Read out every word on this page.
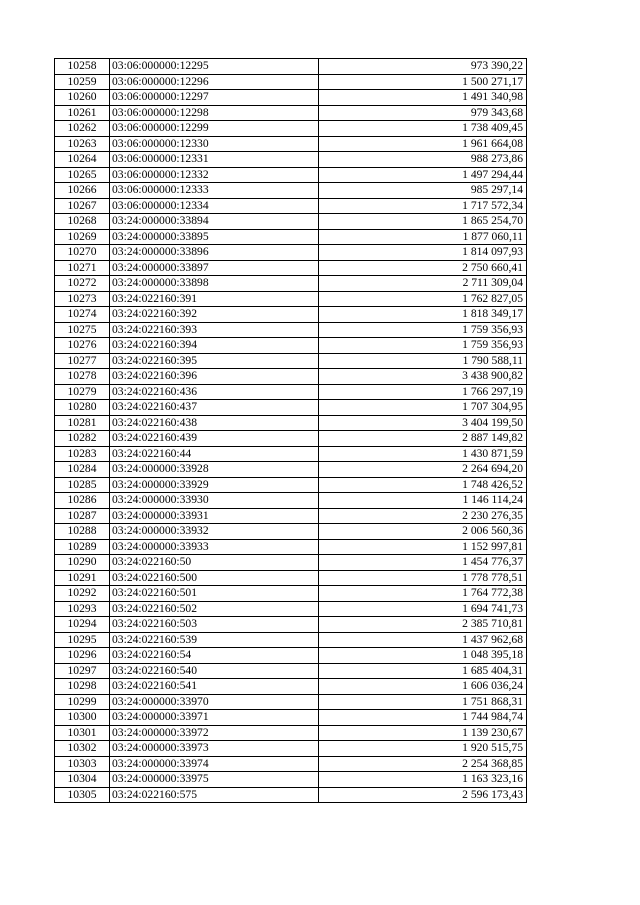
10258	03:06:000000:12295	973 390,22
10259	03:06:000000:12296	1 500 271,17
10260	03:06:000000:12297	1 491 340,98
10261	03:06:000000:12298	979 343,68
10262	03:06:000000:12299	1 738 409,45
10263	03:06:000000:12330	1 961 664,08
10264	03:06:000000:12331	988 273,86
10265	03:06:000000:12332	1 497 294,44
10266	03:06:000000:12333	985 297,14
10267	03:06:000000:12334	1 717 572,34
10268	03:24:000000:33894	1 865 254,70
10269	03:24:000000:33895	1 877 060,11
10270	03:24:000000:33896	1 814 097,93
10271	03:24:000000:33897	2 750 660,41
10272	03:24:000000:33898	2 711 309,04
10273	03:24:022160:391	1 762 827,05
10274	03:24:022160:392	1 818 349,17
10275	03:24:022160:393	1 759 356,93
10276	03:24:022160:394	1 759 356,93
10277	03:24:022160:395	1 790 588,11
10278	03:24:022160:396	3 438 900,82
10279	03:24:022160:436	1 766 297,19
10280	03:24:022160:437	1 707 304,95
10281	03:24:022160:438	3 404 199,50
10282	03:24:022160:439	2 887 149,82
10283	03:24:022160:44	1 430 871,59
10284	03:24:000000:33928	2 264 694,20
10285	03:24:000000:33929	1 748 426,52
10286	03:24:000000:33930	1 146 114,24
10287	03:24:000000:33931	2 230 276,35
10288	03:24:000000:33932	2 006 560,36
10289	03:24:000000:33933	1 152 997,81
10290	03:24:022160:50	1 454 776,37
10291	03:24:022160:500	1 778 778,51
10292	03:24:022160:501	1 764 772,38
10293	03:24:022160:502	1 694 741,73
10294	03:24:022160:503	2 385 710,81
10295	03:24:022160:539	1 437 962,68
10296	03:24:022160:54	1 048 395,18
10297	03:24:022160:540	1 685 404,31
10298	03:24:022160:541	1 606 036,24
10299	03:24:000000:33970	1 751 868,31
10300	03:24:000000:33971	1 744 984,74
10301	03:24:000000:33972	1 139 230,67
10302	03:24:000000:33973	1 920 515,75
10303	03:24:000000:33974	2 254 368,85
10304	03:24:000000:33975	1 163 323,16
10305	03:24:022160:575	2 596 173,43
